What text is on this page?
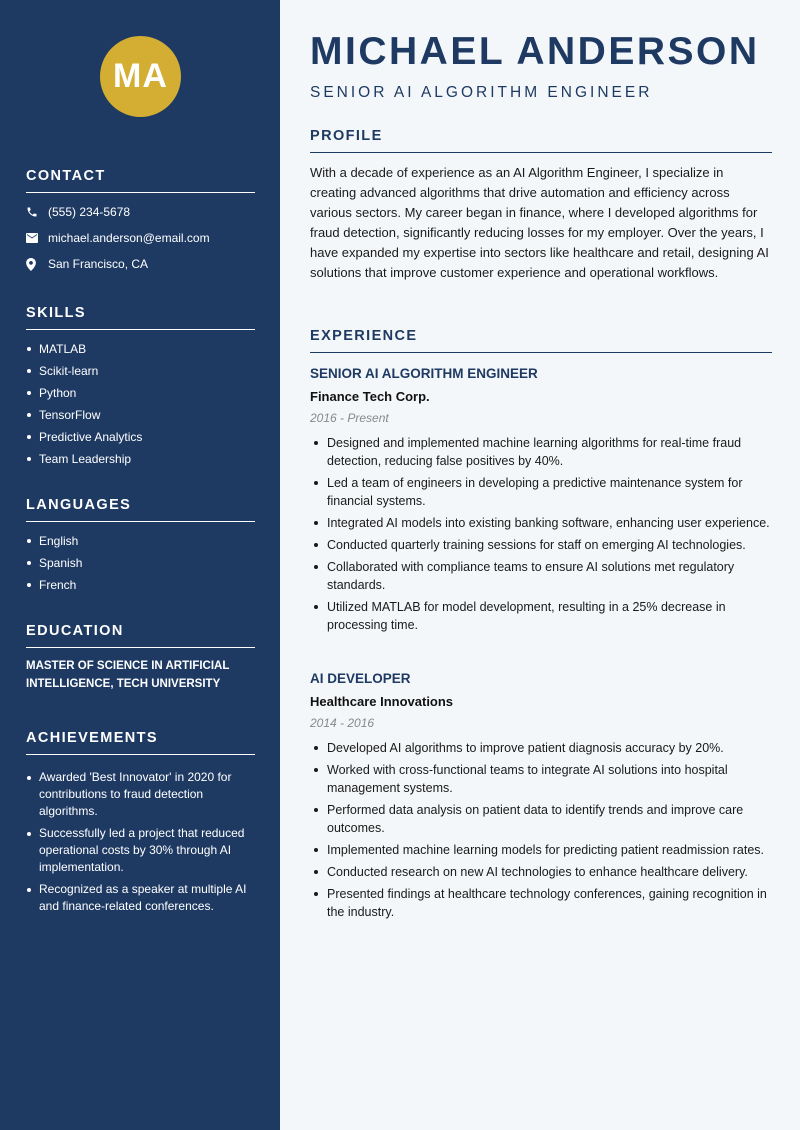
MA
CONTACT
(555) 234-5678
michael.anderson@email.com
San Francisco, CA
SKILLS
MATLAB
Scikit-learn
Python
TensorFlow
Predictive Analytics
Team Leadership
LANGUAGES
English
Spanish
French
EDUCATION
MASTER OF SCIENCE IN ARTIFICIAL INTELLIGENCE, TECH UNIVERSITY
ACHIEVEMENTS
Awarded 'Best Innovator' in 2020 for contributions to fraud detection algorithms.
Successfully led a project that reduced operational costs by 30% through AI implementation.
Recognized as a speaker at multiple AI and finance-related conferences.
MICHAEL ANDERSON
SENIOR AI ALGORITHM ENGINEER
PROFILE
With a decade of experience as an AI Algorithm Engineer, I specialize in creating advanced algorithms that drive automation and efficiency across various sectors. My career began in finance, where I developed algorithms for fraud detection, significantly reducing losses for my employer. Over the years, I have expanded my expertise into sectors like healthcare and retail, designing AI solutions that improve customer experience and operational workflows.
EXPERIENCE
SENIOR AI ALGORITHM ENGINEER
Finance Tech Corp.
2016 - Present
Designed and implemented machine learning algorithms for real-time fraud detection, reducing false positives by 40%.
Led a team of engineers in developing a predictive maintenance system for financial systems.
Integrated AI models into existing banking software, enhancing user experience.
Conducted quarterly training sessions for staff on emerging AI technologies.
Collaborated with compliance teams to ensure AI solutions met regulatory standards.
Utilized MATLAB for model development, resulting in a 25% decrease in processing time.
AI DEVELOPER
Healthcare Innovations
2014 - 2016
Developed AI algorithms to improve patient diagnosis accuracy by 20%.
Worked with cross-functional teams to integrate AI solutions into hospital management systems.
Performed data analysis on patient data to identify trends and improve care outcomes.
Implemented machine learning models for predicting patient readmission rates.
Conducted research on new AI technologies to enhance healthcare delivery.
Presented findings at healthcare technology conferences, gaining recognition in the industry.
